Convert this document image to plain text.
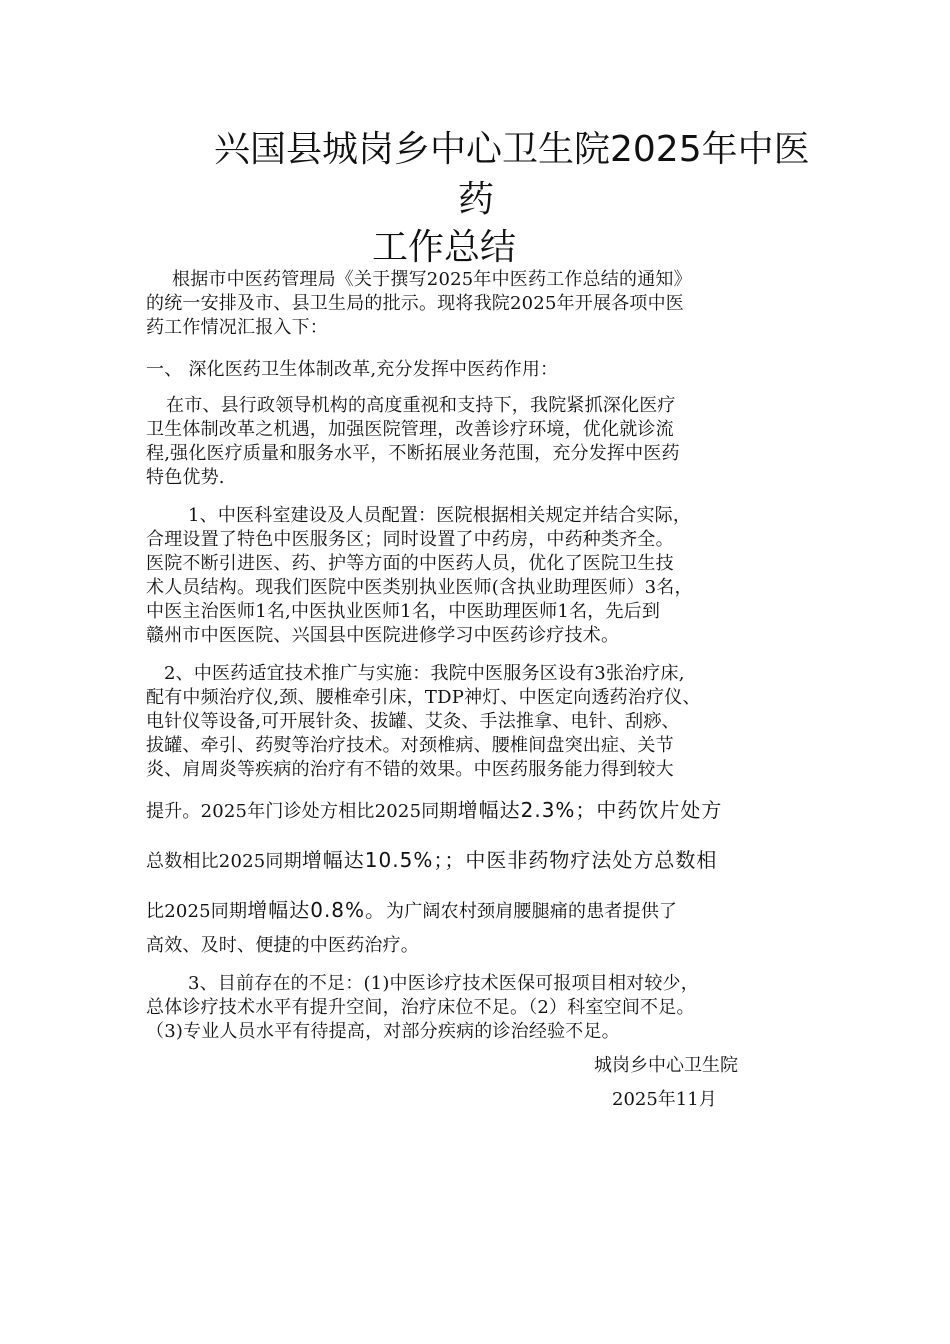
兴国县城岗乡中心卫生院2025年中医
药
工作总结
根据市中医药管理局《关于撰写2025年中医药工作总结的通知》
的统一安排及市、县卫生局的批示。现将我院2025年开展各项中医
药工作情况汇报入下：
一、 深化医药卫生体制改革,充分发挥中医药作用：
在市、县行政领导机构的高度重视和支持下，我院紧抓深化医疗
卫生体制改革之机遇，加强医院管理，改善诊疗环境，优化就诊流
程,强化医疗质量和服务水平，不断拓展业务范围，充分发挥中医药
特色优势.
1、中医科室建设及人员配置：医院根据相关规定并结合实际，
合理设置了特色中医服务区；同时设置了中药房，中药种类齐全。
医院不断引进医、药、护等方面的中医药人员，优化了医院卫生技
术人员结构。现我们医院中医类别执业医师(含执业助理医师）3名，
中医主治医师1名,中医执业医师1名，中医助理医师1名，先后到
赣州市中医医院、兴国县中医院进修学习中医药诊疗技术。
2、中医药适宜技术推广与实施：我院中医服务区设有3张治疗床,
配有中频治疗仪,颈、腰椎牵引床，TDP神灯、中医定向透药治疗仪、
电针仪等设备,可开展针灸、拔罐、艾灸、手法推拿、电针、刮痧、
拔罐、牵引、药熨等治疗技术。对颈椎病、腰椎间盘突出症、关节
炎、肩周炎等疾病的治疗有不错的效果。中医药服务能力得到较大
提升。2025年门诊处方相比2025同期增幅达2.3%；中药饮片处方
总数相比2025同期增幅达10.5%；；中医非药物疗法处方总数相
比2025同期增幅达0.8%。为广阔农村颈肩腰腿痛的患者提供了
高效、及时、便捷的中医药治疗。
3、目前存在的不足：(1)中医诊疗技术医保可报项目相对较少，
总体诊疗技术水平有提升空间，治疗床位不足。（2）科室空间不足。
（3)专业人员水平有待提高，对部分疾病的诊治经验不足。
城岗乡中心卫生院
2025年11月
